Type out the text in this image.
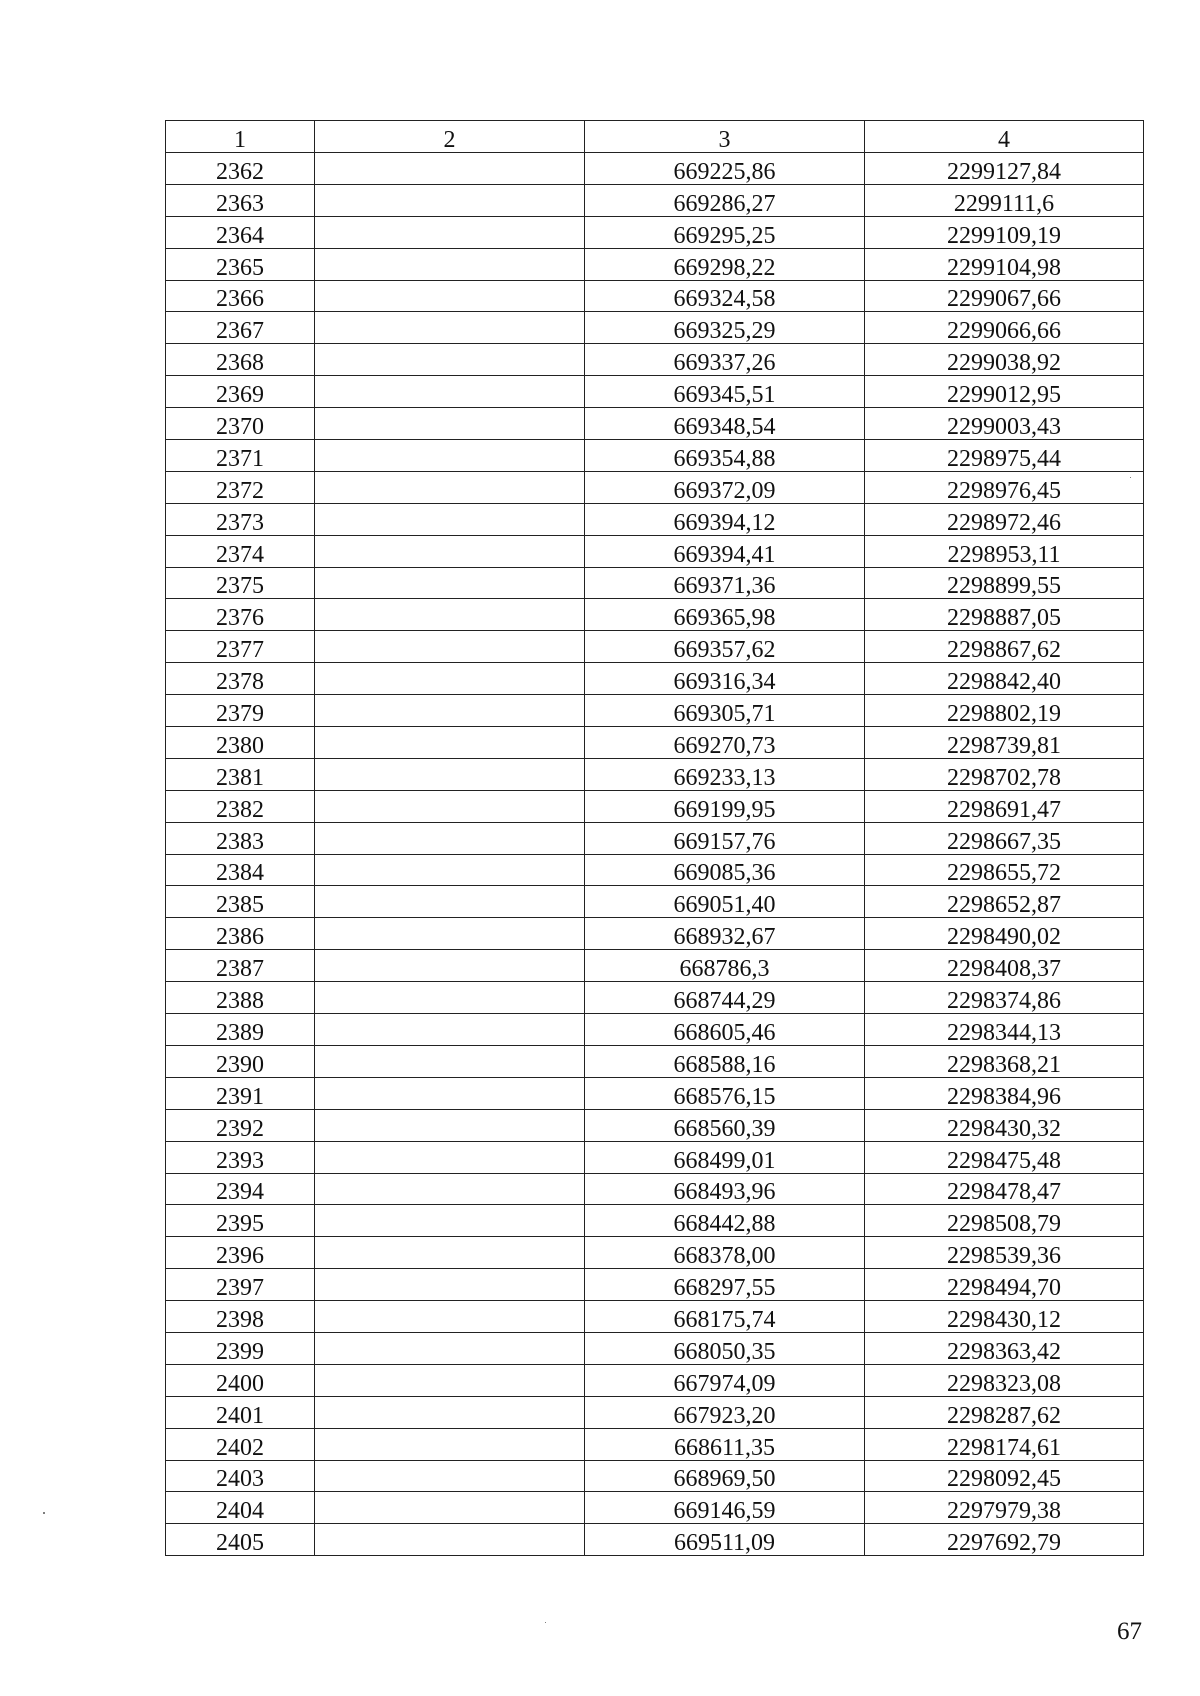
1	2	3	4
2362		669225,86	2299127,84
2363		669286,27	2299111,6
2364		669295,25	2299109,19
2365		669298,22	2299104,98
2366		669324,58	2299067,66
2367		669325,29	2299066,66
2368		669337,26	2299038,92
2369		669345,51	2299012,95
2370		669348,54	2299003,43
2371		669354,88	2298975,44
2372		669372,09	2298976,45
2373		669394,12	2298972,46
2374		669394,41	2298953,11
2375		669371,36	2298899,55
2376		669365,98	2298887,05
2377		669357,62	2298867,62
2378		669316,34	2298842,40
2379		669305,71	2298802,19
2380		669270,73	2298739,81
2381		669233,13	2298702,78
2382		669199,95	2298691,47
2383		669157,76	2298667,35
2384		669085,36	2298655,72
2385		669051,40	2298652,87
2386		668932,67	2298490,02
2387		668786,3	2298408,37
2388		668744,29	2298374,86
2389		668605,46	2298344,13
2390		668588,16	2298368,21
2391		668576,15	2298384,96
2392		668560,39	2298430,32
2393		668499,01	2298475,48
2394		668493,96	2298478,47
2395		668442,88	2298508,79
2396		668378,00	2298539,36
2397		668297,55	2298494,70
2398		668175,74	2298430,12
2399		668050,35	2298363,42
2400		667974,09	2298323,08
2401		667923,20	2298287,62
2402		668611,35	2298174,61
2403		668969,50	2298092,45
2404		669146,59	2297979,38
2405		669511,09	2297692,79
67
